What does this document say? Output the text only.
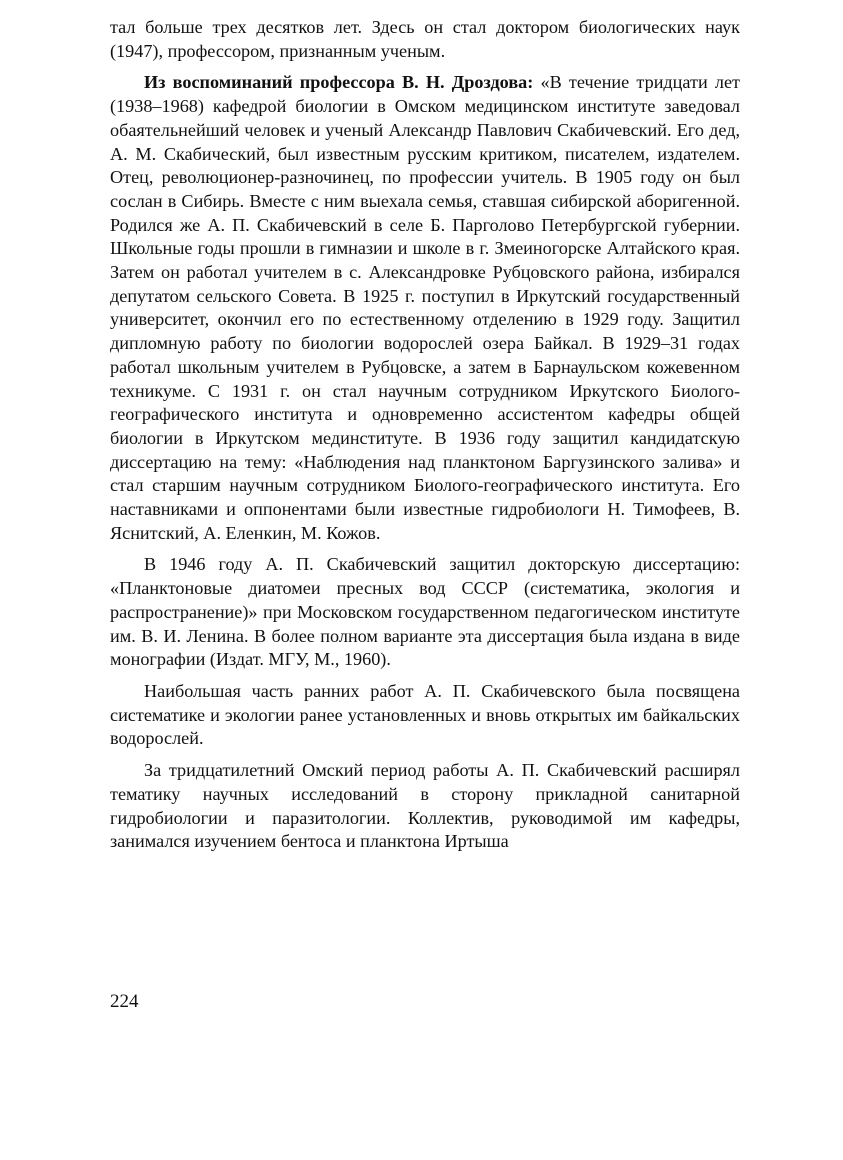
тал больше трех десятков лет. Здесь он стал доктором биологических наук (1947), профессором, признанным ученым.

Из воспоминаний профессора В. Н. Дроздова: «В течение тридцати лет (1938–1968) кафедрой биологии в Омском медицинском институте заведовал обаятельнейший человек и ученый Александр Павлович Скабичевский. Его дед, А. М. Скабический, был известным русским критиком, писателем, издателем. Отец, революционер-разночинец, по профессии учитель. В 1905 году он был сослан в Сибирь. Вместе с ним выехала семья, ставшая сибирской аборигенной. Родился же А. П. Скабичевский в селе Б. Парголово Петербургской губернии. Школьные годы прошли в гимназии и школе в г. Змеиногорске Алтайского края. Затем он работал учителем в с. Александровке Рубцовского района, избирался депутатом сельского Совета. В 1925 г. поступил в Иркутский государственный университет, окончил его по естественному отделению в 1929 году. Защитил дипломную работу по биологии водорослей озера Байкал. В 1929–31 годах работал школьным учителем в Рубцовске, а затем в Барнаульском кожевенном техникуме. С 1931 г. он стал научным сотрудником Иркутского Биолого-географического института и одновременно ассистентом кафедры общей биологии в Иркутском мединституте. В 1936 году защитил кандидатскую диссертацию на тему: «Наблюдения над планктоном Баргузинского залива» и стал старшим научным сотрудником Биолого-географического института. Его наставниками и оппонентами были известные гидробиологи Н. Тимофеев, В. Яснитский, А. Еленкин, М. Кожов.

В 1946 году А. П. Скабичевский защитил докторскую диссертацию: «Планктоновые диатомеи пресных вод СССР (систематика, экология и распространение)» при Московском государственном педагогическом институте им. В. И. Ленина. В более полном варианте эта диссертация была издана в виде монографии (Издат. МГУ, М., 1960).

Наибольшая часть ранних работ А. П. Скабичевского была посвящена систематике и экологии ранее установленных и вновь открытых им байкальских водорослей.

За тридцатилетний Омский период работы А. П. Скабичевский расширял тематику научных исследований в сторону прикладной санитарной гидробиологии и паразитологии. Коллектив, руководимой им кафедры, занимался изучением бентоса и планктона Иртыша

224
